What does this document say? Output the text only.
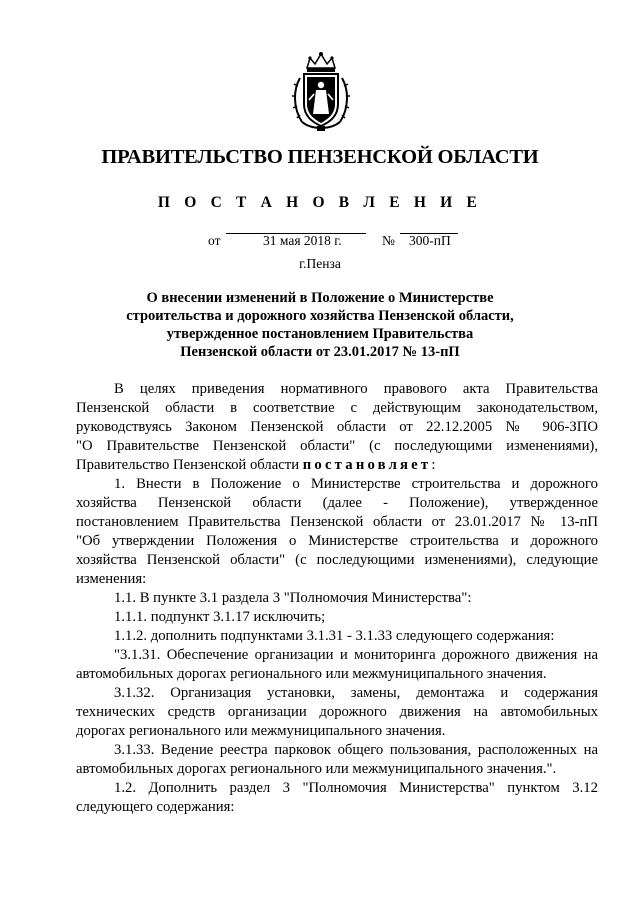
ПРАВИТЕЛЬСТВО ПЕНЗЕНСКОЙ ОБЛАСТИ
П О С Т А Н О В Л Е Н И Е
от	31 мая 2018 г.	№ 300-пП
г.Пенза
О внесении изменений в Положение о Министерстве
строительства и дорожного хозяйства Пензенской области,
утвержденное постановлением Правительства
Пензенской области от 23.01.2017 № 13-пП
В целях приведения нормативного правового акта Правительства
Пензенской области в соответствие с действующим законодательством,
руководствуясь Законом Пензенской области от 22.12.2005 № 906-ЗПО
"О Правительстве Пензенской области" (с последующими изменениями),
Правительство Пензенской области постановляет:
1. Внести в Положение о Министерстве строительства и дорожного
хозяйства Пензенской области (далее - Положение), утвержденное
постановлением Правительства Пензенской области от 23.01.2017 № 13-пП
"Об утверждении Положения о Министерстве строительства и дорожного
хозяйства Пензенской области" (с последующими изменениями), следующие
изменения:
1.1. В пункте 3.1 раздела 3 "Полномочия Министерства":
1.1.1. подпункт 3.1.17 исключить;
1.1.2. дополнить подпунктами 3.1.31 - 3.1.33 следующего содержания:
"3.1.31. Обеспечение организации и мониторинга дорожного движения на
автомобильных дорогах регионального или межмуниципального значения.
3.1.32. Организация установки, замены, демонтажа и содержания
технических средств организации дорожного движения на автомобильных
дорогах регионального или межмуниципального значения.
3.1.33. Ведение реестра парковок общего пользования, расположенных на
автомобильных дорогах регионального или межмуниципального значения.".
1.2. Дополнить раздел 3 "Полномочия Министерства" пунктом 3.12
следующего содержания:
